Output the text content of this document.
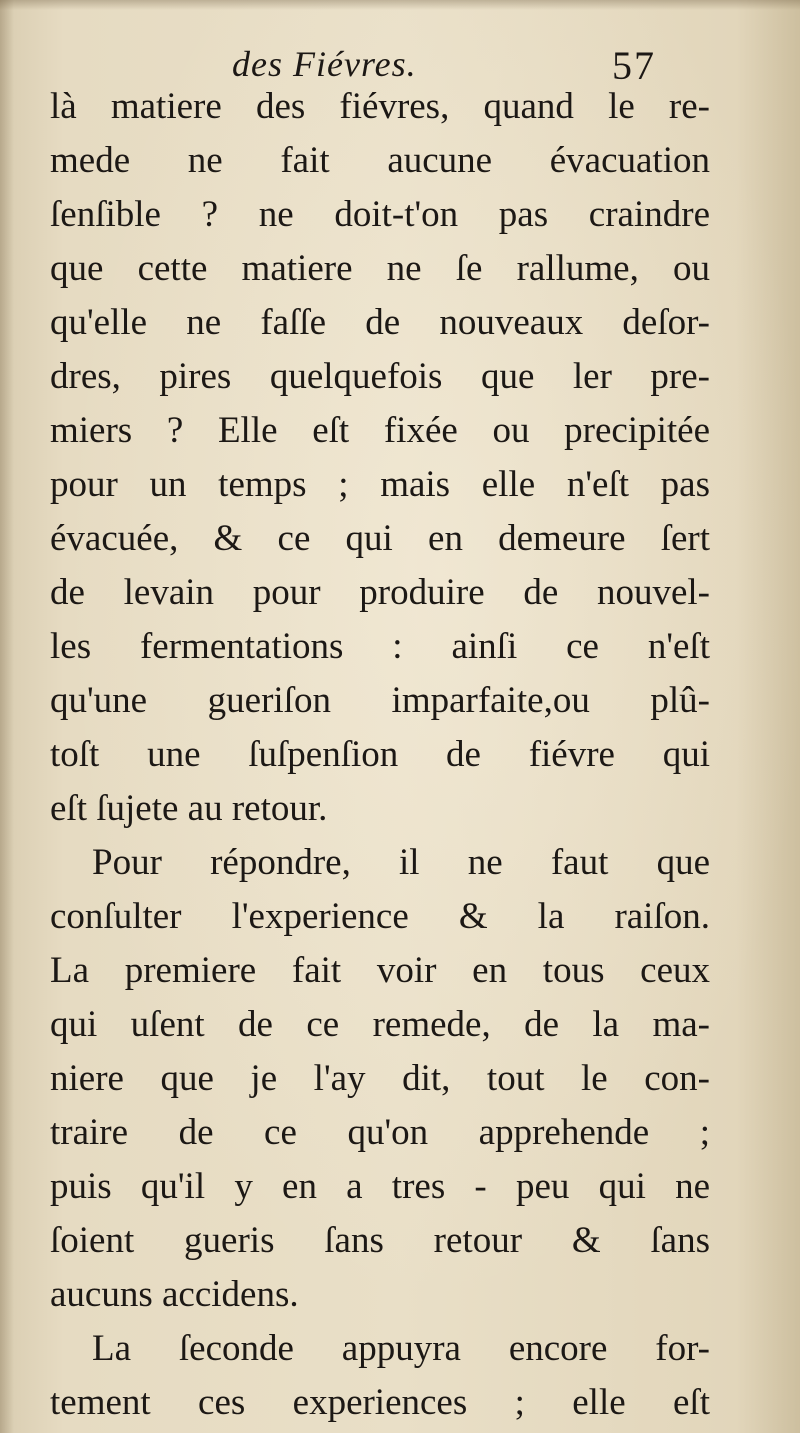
des Fiévres.	57
là matiere des fiévres, quand le re-
mede ne fait aucune évacuation
ſenſible ? ne doit-t'on pas craindre
que cette matiere ne ſe rallume, ou
qu'elle ne faſſe de nouveaux deſor-
dres, pires quelquefois que ler pre-
miers ? Elle eſt fixée ou precipitée
pour un temps ; mais elle n'eſt pas
évacuée, & ce qui en demeure ſert
de levain pour produire de nouvel-
les fermentations : ainſi ce n'eſt
qu'une gueriſon imparfaite,ou plû-
toſt une ſuſpenſion de fiévre qui
eſt ſujete au retour.
Pour répondre, il ne faut que
conſulter l'experience & la raiſon.
La premiere fait voir en tous ceux
qui uſent de ce remede, de la ma-
niere que je l'ay dit, tout le con-
traire de ce qu'on apprehende ;
puis qu'il y en a tres - peu qui ne
ſoient gueris ſans retour & ſans
aucuns accidens.
La ſeconde appuyra encore for-
tement ces experiences ; elle eſt
